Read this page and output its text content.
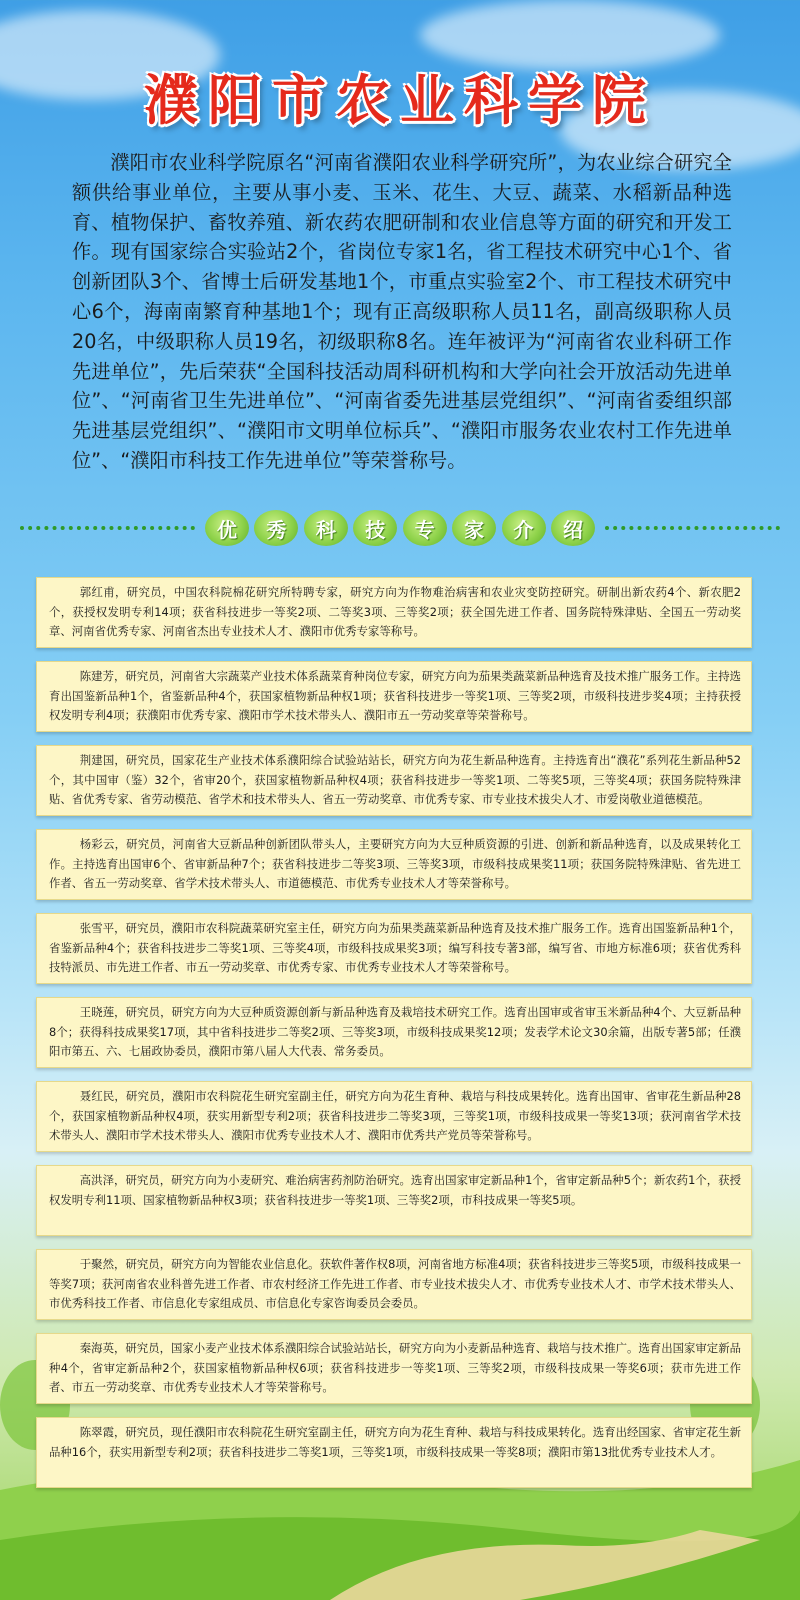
濮阳市农业科学院
濮阳市农业科学院原名“河南省濮阳农业科学研究所”，为农业综合研究全额供给事业单位，主要从事小麦、玉米、花生、大豆、蔬菜、水稻新品种选育、植物保护、畜牧养殖、新农药农肥研制和农业信息等方面的研究和开发工作。现有国家综合实验站2个，省岗位专家1名，省工程技术研究中心1个、省创新团队3个、省博士后研发基地1个，市重点实验室2个、市工程技术研究中心6个，海南南繁育种基地1个；现有正高级职称人员11名，副高级职称人员20名，中级职称人员19名，初级职称8名。连年被评为“河南省农业科研工作先进单位”，先后荣获“全国科技活动周科研机构和大学向社会开放活动先进单位”、“河南省卫生先进单位”、“河南省委先进基层党组织”、“河南省委组织部先进基层党组织”、“濮阳市文明单位标兵”、“濮阳市服务农业农村工作先进单位”、“濮阳市科技工作先进单位”等荣誉称号。
优	秀	科	技	专	家	介	绍

郭红甫，研究员，中国农科院棉花研究所特聘专家，研究方向为作物难治病害和农业灾变防控研究。研制出新农药4个、新农肥2个，获授权发明专利14项；获省科技进步一等奖2项、二等奖3项、三等奖2项；获全国先进工作者、国务院特殊津贴、全国五一劳动奖章、河南省优秀专家、河南省杰出专业技术人才、濮阳市优秀专家等称号。

陈建芳，研究员，河南省大宗蔬菜产业技术体系蔬菜育种岗位专家，研究方向为茄果类蔬菜新品种选育及技术推广服务工作。主持选育出国鉴新品种1个，省鉴新品种4个，获国家植物新品种权1项；获省科技进步一等奖1项、三等奖2项，市级科技进步奖4项；主持获授权发明专利4项；获濮阳市优秀专家、濮阳市学术技术带头人、濮阳市五一劳动奖章等荣誉称号。

荆建国，研究员，国家花生产业技术体系濮阳综合试验站站长，研究方向为花生新品种选育。主持选育出“濮花”系列花生新品种52个，其中国审（鉴）32个，省审20个，获国家植物新品种权4项；获省科技进步一等奖1项、二等奖5项，三等奖4项；获国务院特殊津贴、省优秀专家、省劳动模范、省学术和技术带头人、省五一劳动奖章、市优秀专家、市专业技术拔尖人才、市爱岗敬业道德模范。

杨彩云，研究员，河南省大豆新品种创新团队带头人，主要研究方向为大豆种质资源的引进、创新和新品种选育，以及成果转化工作。主持选育出国审6个、省审新品种7个；获省科技进步二等奖3项、三等奖3项，市级科技成果奖11项；获国务院特殊津贴、省先进工作者、省五一劳动奖章、省学术技术带头人、市道德模范、市优秀专业技术人才等荣誉称号。

张雪平，研究员，濮阳市农科院蔬菜研究室主任，研究方向为茄果类蔬菜新品种选育及技术推广服务工作。选育出国鉴新品种1个，省鉴新品种4个；获省科技进步二等奖1项、三等奖4项，市级科技成果奖3项；编写科技专著3部，编写省、市地方标准6项；获省优秀科技特派员、市先进工作者、市五一劳动奖章、市优秀专家、市优秀专业技术人才等荣誉称号。

王晓莲，研究员，研究方向为大豆种质资源创新与新品种选育及栽培技术研究工作。选育出国审或省审玉米新品种4个、大豆新品种8个；获得科技成果奖17项，其中省科技进步二等奖2项、三等奖3项，市级科技成果奖12项；发表学术论文30余篇，出版专著5部；任濮阳市第五、六、七届政协委员，濮阳市第八届人大代表、常务委员。

聂红民，研究员，濮阳市农科院花生研究室副主任，研究方向为花生育种、栽培与科技成果转化。选育出国审、省审花生新品种28个，获国家植物新品种权4项，获实用新型专利2项；获省科技进步二等奖3项，三等奖1项，市级科技成果一等奖13项；获河南省学术技术带头人、濮阳市学术技术带头人、濮阳市优秀专业技术人才、濮阳市优秀共产党员等荣誉称号。

高洪泽，研究员，研究方向为小麦研究、难治病害药剂防治研究。选育出国家审定新品种1个，省审定新品种5个；新农药1个，获授权发明专利11项、国家植物新品种权3项；获省科技进步一等奖1项、三等奖2项，市科技成果一等奖5项。

于聚然，研究员，研究方向为智能农业信息化。获软件著作权8项，河南省地方标准4项；获省科技进步三等奖5项，市级科技成果一等奖7项；获河南省农业科普先进工作者、市农村经济工作先进工作者、市专业技术拔尖人才、市优秀专业技术人才、市学术技术带头人、市优秀科技工作者、市信息化专家组成员、市信息化专家咨询委员会委员。

秦海英，研究员，国家小麦产业技术体系濮阳综合试验站站长，研究方向为小麦新品种选育、栽培与技术推广。选育出国家审定新品种4个，省审定新品种2个，获国家植物新品种权6项；获省科技进步一等奖1项、三等奖2项，市级科技成果一等奖6项；获市先进工作者、市五一劳动奖章、市优秀专业技术人才等荣誉称号。

陈翠霞，研究员，现任濮阳市农科院花生研究室副主任，研究方向为花生育种、栽培与科技成果转化。选育出经国家、省审定花生新品种16个，获实用新型专利2项；获省科技进步二等奖1项，三等奖1项，市级科技成果一等奖8项；濮阳市第13批优秀专业技术人才。
